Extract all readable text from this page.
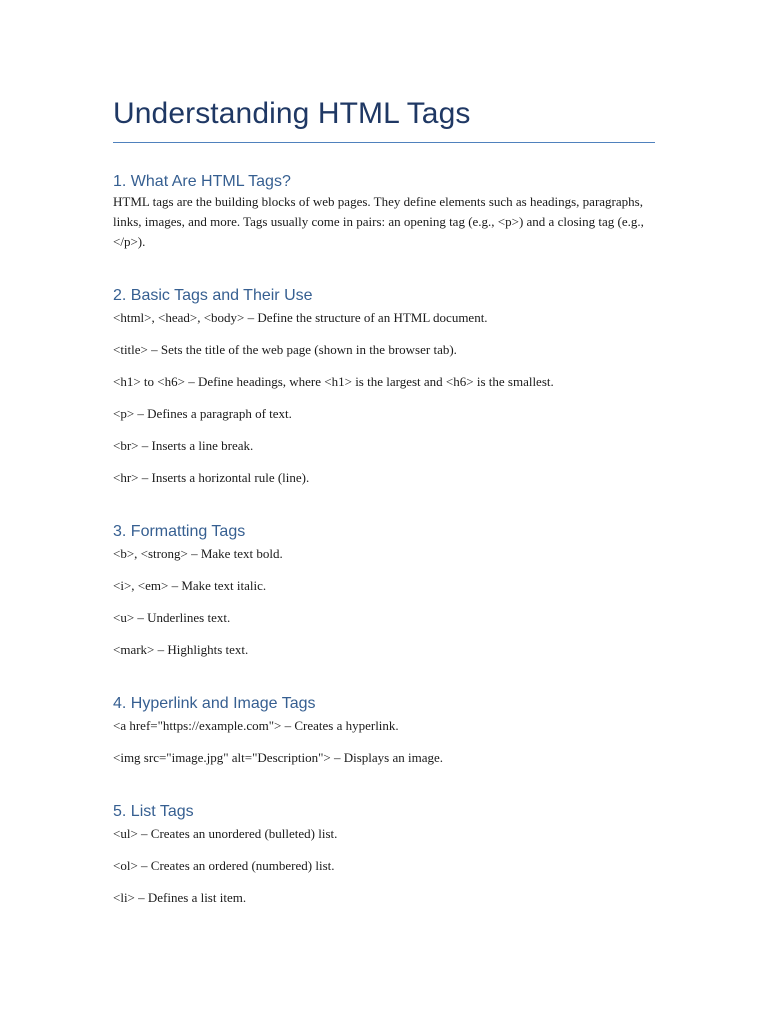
Understanding HTML Tags
1. What Are HTML Tags?

HTML tags are the building blocks of web pages. They define elements such as headings, paragraphs, links, images, and more. Tags usually come in pairs: an opening tag (e.g., <p>) and a closing tag (e.g., </p>).

2. Basic Tags and Their Use

<html>, <head>, <body> – Define the structure of an HTML document.

<title> – Sets the title of the web page (shown in the browser tab).

<h1> to <h6> – Define headings, where <h1> is the largest and <h6> is the smallest.

<p> – Defines a paragraph of text.

<br> – Inserts a line break.

<hr> – Inserts a horizontal rule (line).

3. Formatting Tags

<b>, <strong> – Make text bold.

<i>, <em> – Make text italic.

<u> – Underlines text.

<mark> – Highlights text.

4. Hyperlink and Image Tags

<a href="https://example.com"> – Creates a hyperlink.

<img src="image.jpg" alt="Description"> – Displays an image.

5. List Tags

<ul> – Creates an unordered (bulleted) list.

<ol> – Creates an ordered (numbered) list.

<li> – Defines a list item.
